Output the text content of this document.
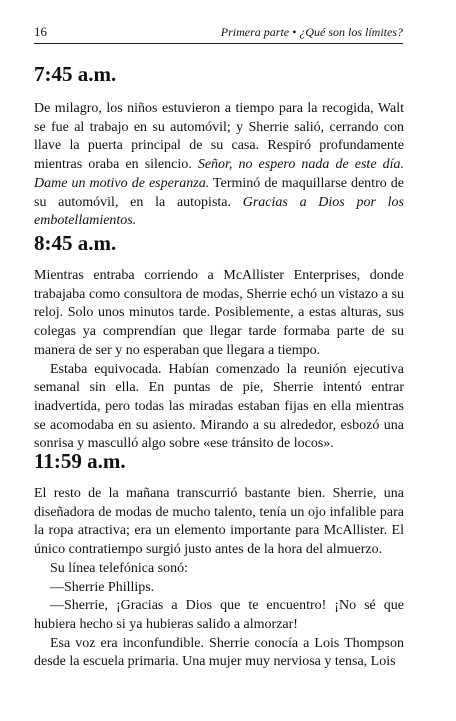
16	Primera parte • ¿Qué son los límites?
7:45 a.m.

De milagro, los niños estuvieron a tiempo para la recogida, Walt se fue al trabajo en su automóvil; y Sherrie salió, cerrando con llave la puerta principal de su casa. Respiró profundamente mientras oraba en silencio. Señor, no espero nada de este día. Dame un motivo de esperanza. Terminó de maquillarse dentro de su automóvil, en la autopista. Gracias a Dios por los embotellamientos.

8:45 a.m.

Mientras entraba corriendo a McAllister Enterprises, donde trabajaba como consultora de modas, Sherrie echó un vistazo a su reloj. Solo unos minutos tarde. Posiblemente, a estas alturas, sus colegas ya comprendían que llegar tarde formaba parte de su manera de ser y no esperaban que llegara a tiempo.

Estaba equivocada. Habían comenzado la reunión ejecutiva semanal sin ella. En puntas de pie, Sherrie intentó entrar inadvertida, pero todas las miradas estaban fijas en ella mientras se acomodaba en su asiento. Mirando a su alrededor, esbozó una sonrisa y masculló algo sobre «ese tránsito de locos».

11:59 a.m.

El resto de la mañana transcurrió bastante bien. Sherrie, una diseñadora de modas de mucho talento, tenía un ojo infalible para la ropa atractiva; era un elemento importante para McAllister. El único contratiempo surgió justo antes de la hora del almuerzo.

Su línea telefónica sonó:

—Sherrie Phillips.

—Sherrie, ¡Gracias a Dios que te encuentro! ¡No sé que hubiera hecho si ya hubieras salido a almorzar!

Esa voz era inconfundible. Sherrie conocía a Lois Thompson desde la escuela primaria. Una mujer muy nerviosa y tensa, Lois
